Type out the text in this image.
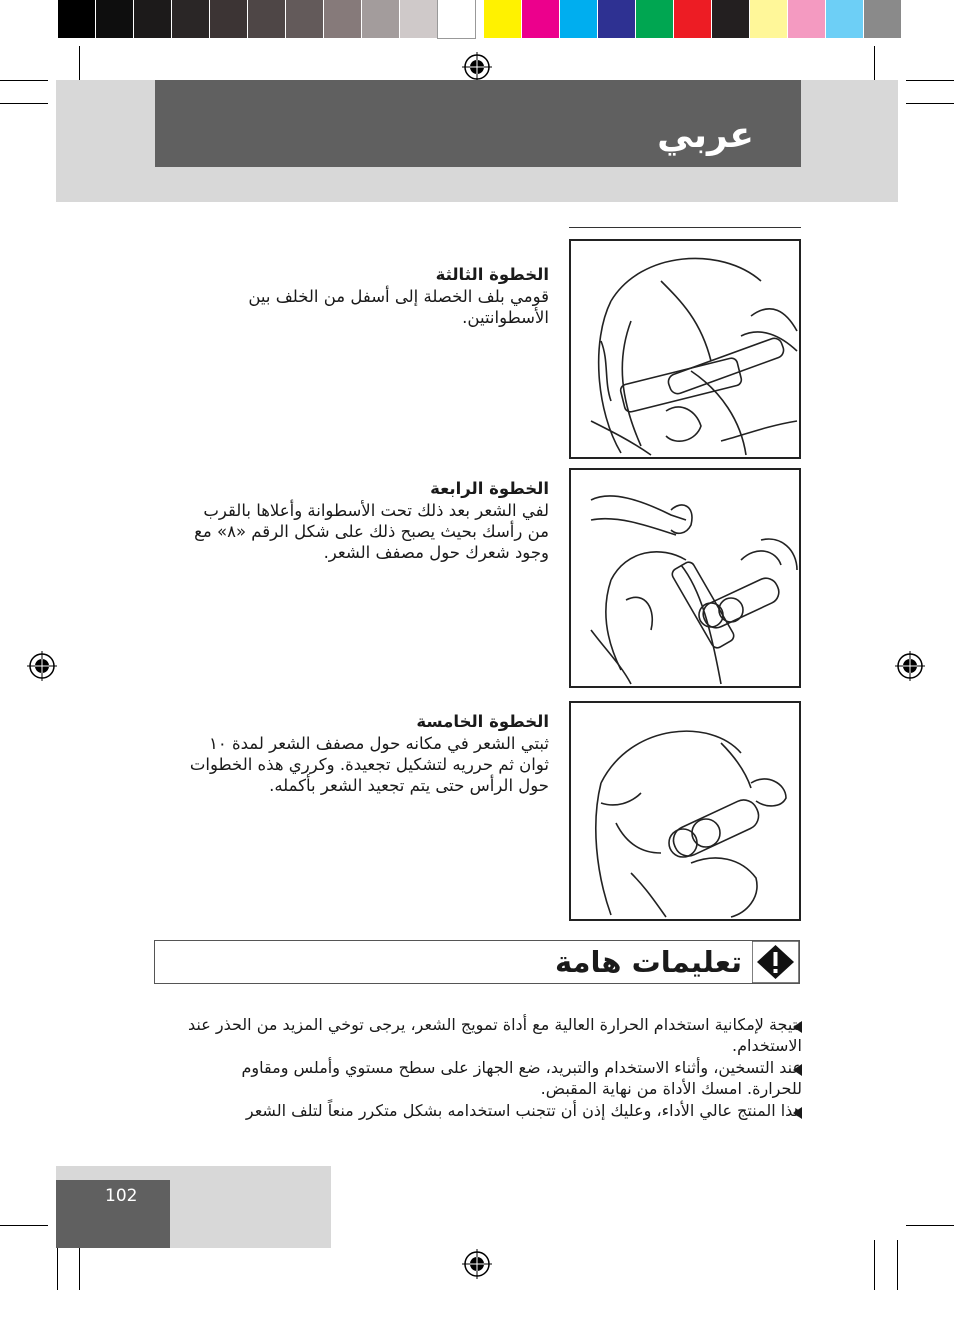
عربي
الخطوة الثالثة
قومي بلف الخصلة إلى أسفل من الخلف بين الأسطوانتين.
الخطوة الرابعة
لفي الشعر بعد ذلك تحت الأسطوانة وأعلاها بالقرب من رأسك بحيث يصبح ذلك على شكل الرقم «٨» مع وجود شعرك حول مصفف الشعر.
الخطوة الخامسة
ثبتي الشعر في مكانه حول مصفف الشعر لمدة ١٠ ثوان ثم حرريه لتشكيل تجعيدة. وكرري هذه الخطوات حول الرأس حتى يتم تجعيد الشعر بأكمله.
تعليمات هامة
نتيجة لإمكانية استخدام الحرارة العالية مع أداة تمويج الشعر، يرجى توخي المزيد من الحذر عند الاستخدام.
عند التسخين، وأثناء الاستخدام والتبريد، ضع الجهاز على سطح مستوي وأملس ومقاوم للحرارة. امسك الأداة من نهاية المقبض.
هذا المنتج عالي الأداء، وعليك إذن أن تتجنب استخدامه بشكل متكرر منعاً لتلف الشعر
102
